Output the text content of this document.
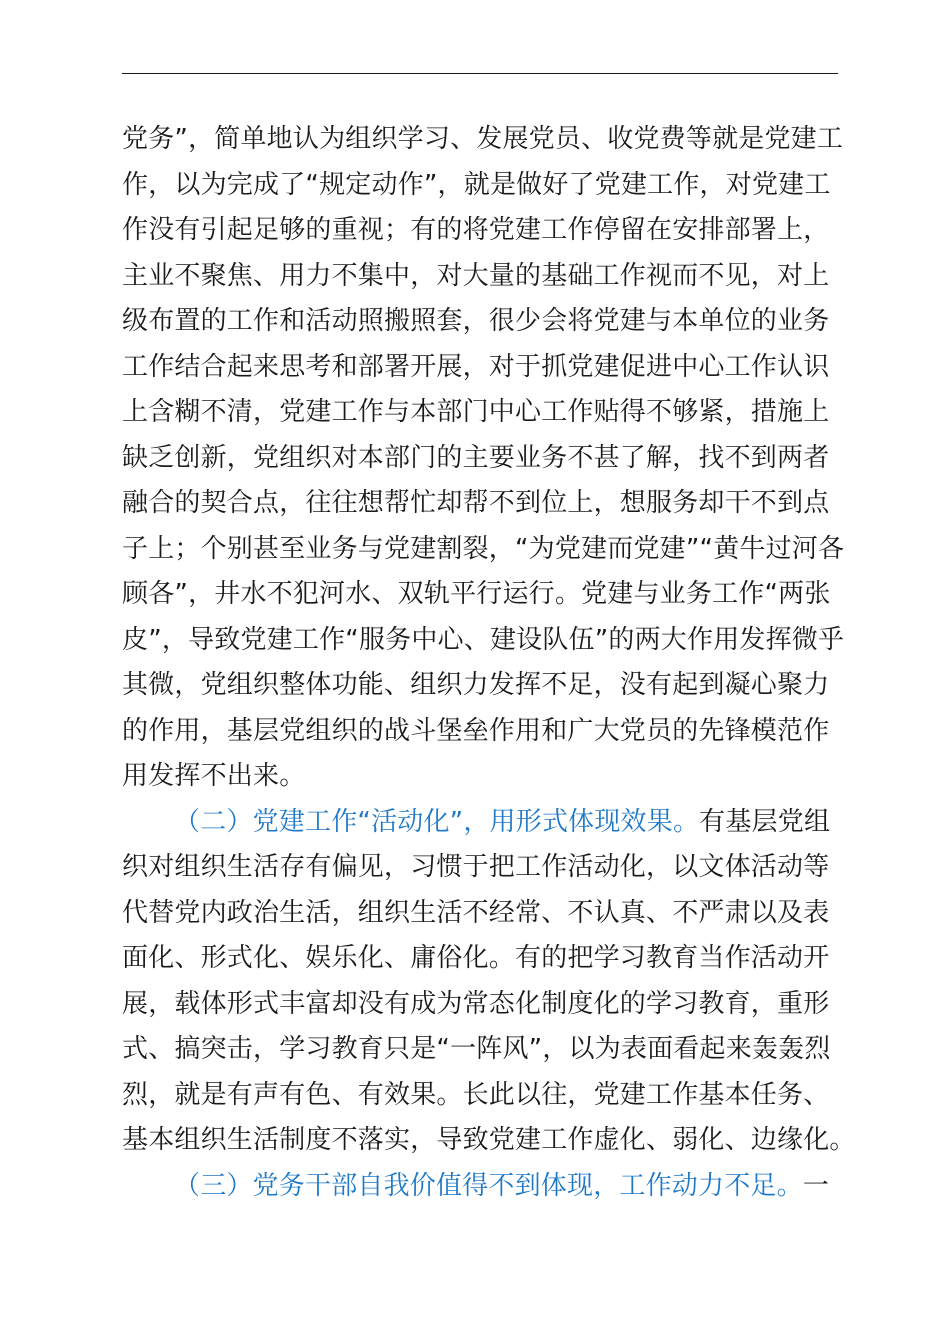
党务”，简单地认为组织学习、发展党员、收党费等就是党建工
作，以为完成了“规定动作”，就是做好了党建工作，对党建工
作没有引起足够的重视；有的将党建工作停留在安排部署上，
主业不聚焦、用力不集中，对大量的基础工作视而不见，对上
级布置的工作和活动照搬照套，很少会将党建与本单位的业务
工作结合起来思考和部署开展，对于抓党建促进中心工作认识
上含糊不清，党建工作与本部门中心工作贴得不够紧，措施上
缺乏创新，党组织对本部门的主要业务不甚了解，找不到两者
融合的契合点，往往想帮忙却帮不到位上，想服务却干不到点
子上；个别甚至业务与党建割裂，“为党建而党建”“黄牛过河各
顾各”，井水不犯河水、双轨平行运行。党建与业务工作“两张
皮”，导致党建工作“服务中心、建设队伍”的两大作用发挥微乎
其微，党组织整体功能、组织力发挥不足，没有起到凝心聚力
的作用，基层党组织的战斗堡垒作用和广大党员的先锋模范作
用发挥不出来。
（二）党建工作“活动化”，用形式体现效果。有基层党组
织对组织生活存有偏见，习惯于把工作活动化，以文体活动等
代替党内政治生活，组织生活不经常、不认真、不严肃以及表
面化、形式化、娱乐化、庸俗化。有的把学习教育当作活动开
展，载体形式丰富却没有成为常态化制度化的学习教育，重形
式、搞突击，学习教育只是“一阵风”，以为表面看起来轰轰烈
烈，就是有声有色、有效果。长此以往，党建工作基本任务、
基本组织生活制度不落实，导致党建工作虚化、弱化、边缘化。
（三）党务干部自我价值得不到体现，工作动力不足。一
